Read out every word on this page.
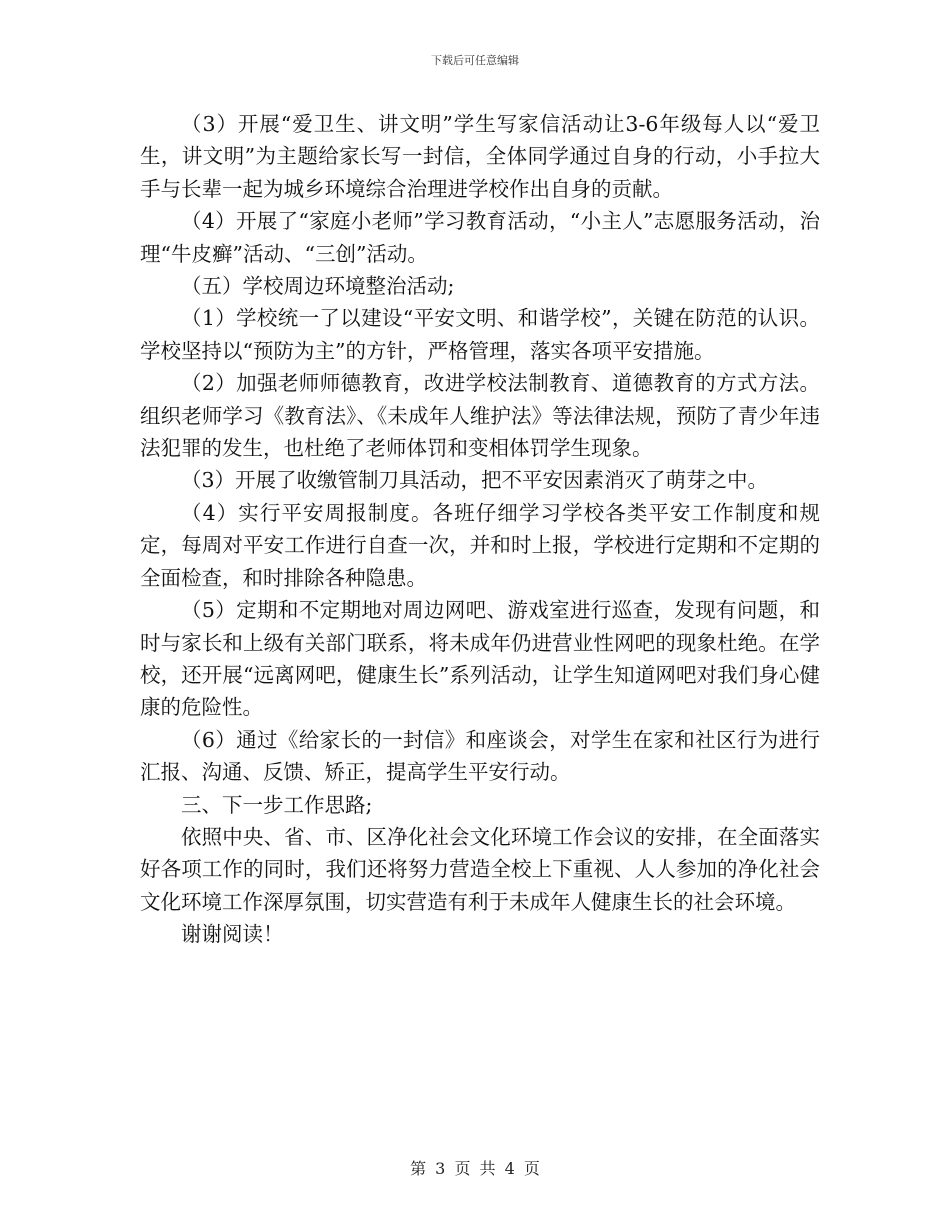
下载后可任意编辑

（3）开展“爱卫生、讲文明”学生写家信活动让3-6年级每人以“爱卫生，讲文明”为主题给家长写一封信，全体同学通过自身的行动，小手拉大手与长辈一起为城乡环境综合治理进学校作出自身的贡献。

（4）开展了“家庭小老师”学习教育活动，“小主人”志愿服务活动，治理“牛皮癣”活动、“三创”活动。

（五）学校周边环境整治活动;

（1）学校统一了以建设“平安文明、和谐学校”，关键在防范的认识。学校坚持以“预防为主”的方针，严格管理，落实各项平安措施。

（2）加强老师师德教育，改进学校法制教育、道德教育的方式方法。组织老师学习《教育法》、《未成年人维护法》等法律法规，预防了青少年违法犯罪的发生，也杜绝了老师体罚和变相体罚学生现象。

（3）开展了收缴管制刀具活动，把不平安因素消灭了萌芽之中。

（4）实行平安周报制度。各班仔细学习学校各类平安工作制度和规定，每周对平安工作进行自查一次，并和时上报，学校进行定期和不定期的全面检查，和时排除各种隐患。

（5）定期和不定期地对周边网吧、游戏室进行巡查，发现有问题，和时与家长和上级有关部门联系，将未成年仍进营业性网吧的现象杜绝。在学校，还开展“远离网吧，健康生长”系列活动，让学生知道网吧对我们身心健康的危险性。

（6）通过《给家长的一封信》和座谈会，对学生在家和社区行为进行汇报、沟通、反馈、矫正，提高学生平安行动。

三、下一步工作思路;

依照中央、省、市、区净化社会文化环境工作会议的安排，在全面落实好各项工作的同时，我们还将努力营造全校上下重视、人人参加的净化社会文化环境工作深厚氛围，切实营造有利于未成年人健康生长的社会环境。

谢谢阅读！

第 3 页 共 4 页
